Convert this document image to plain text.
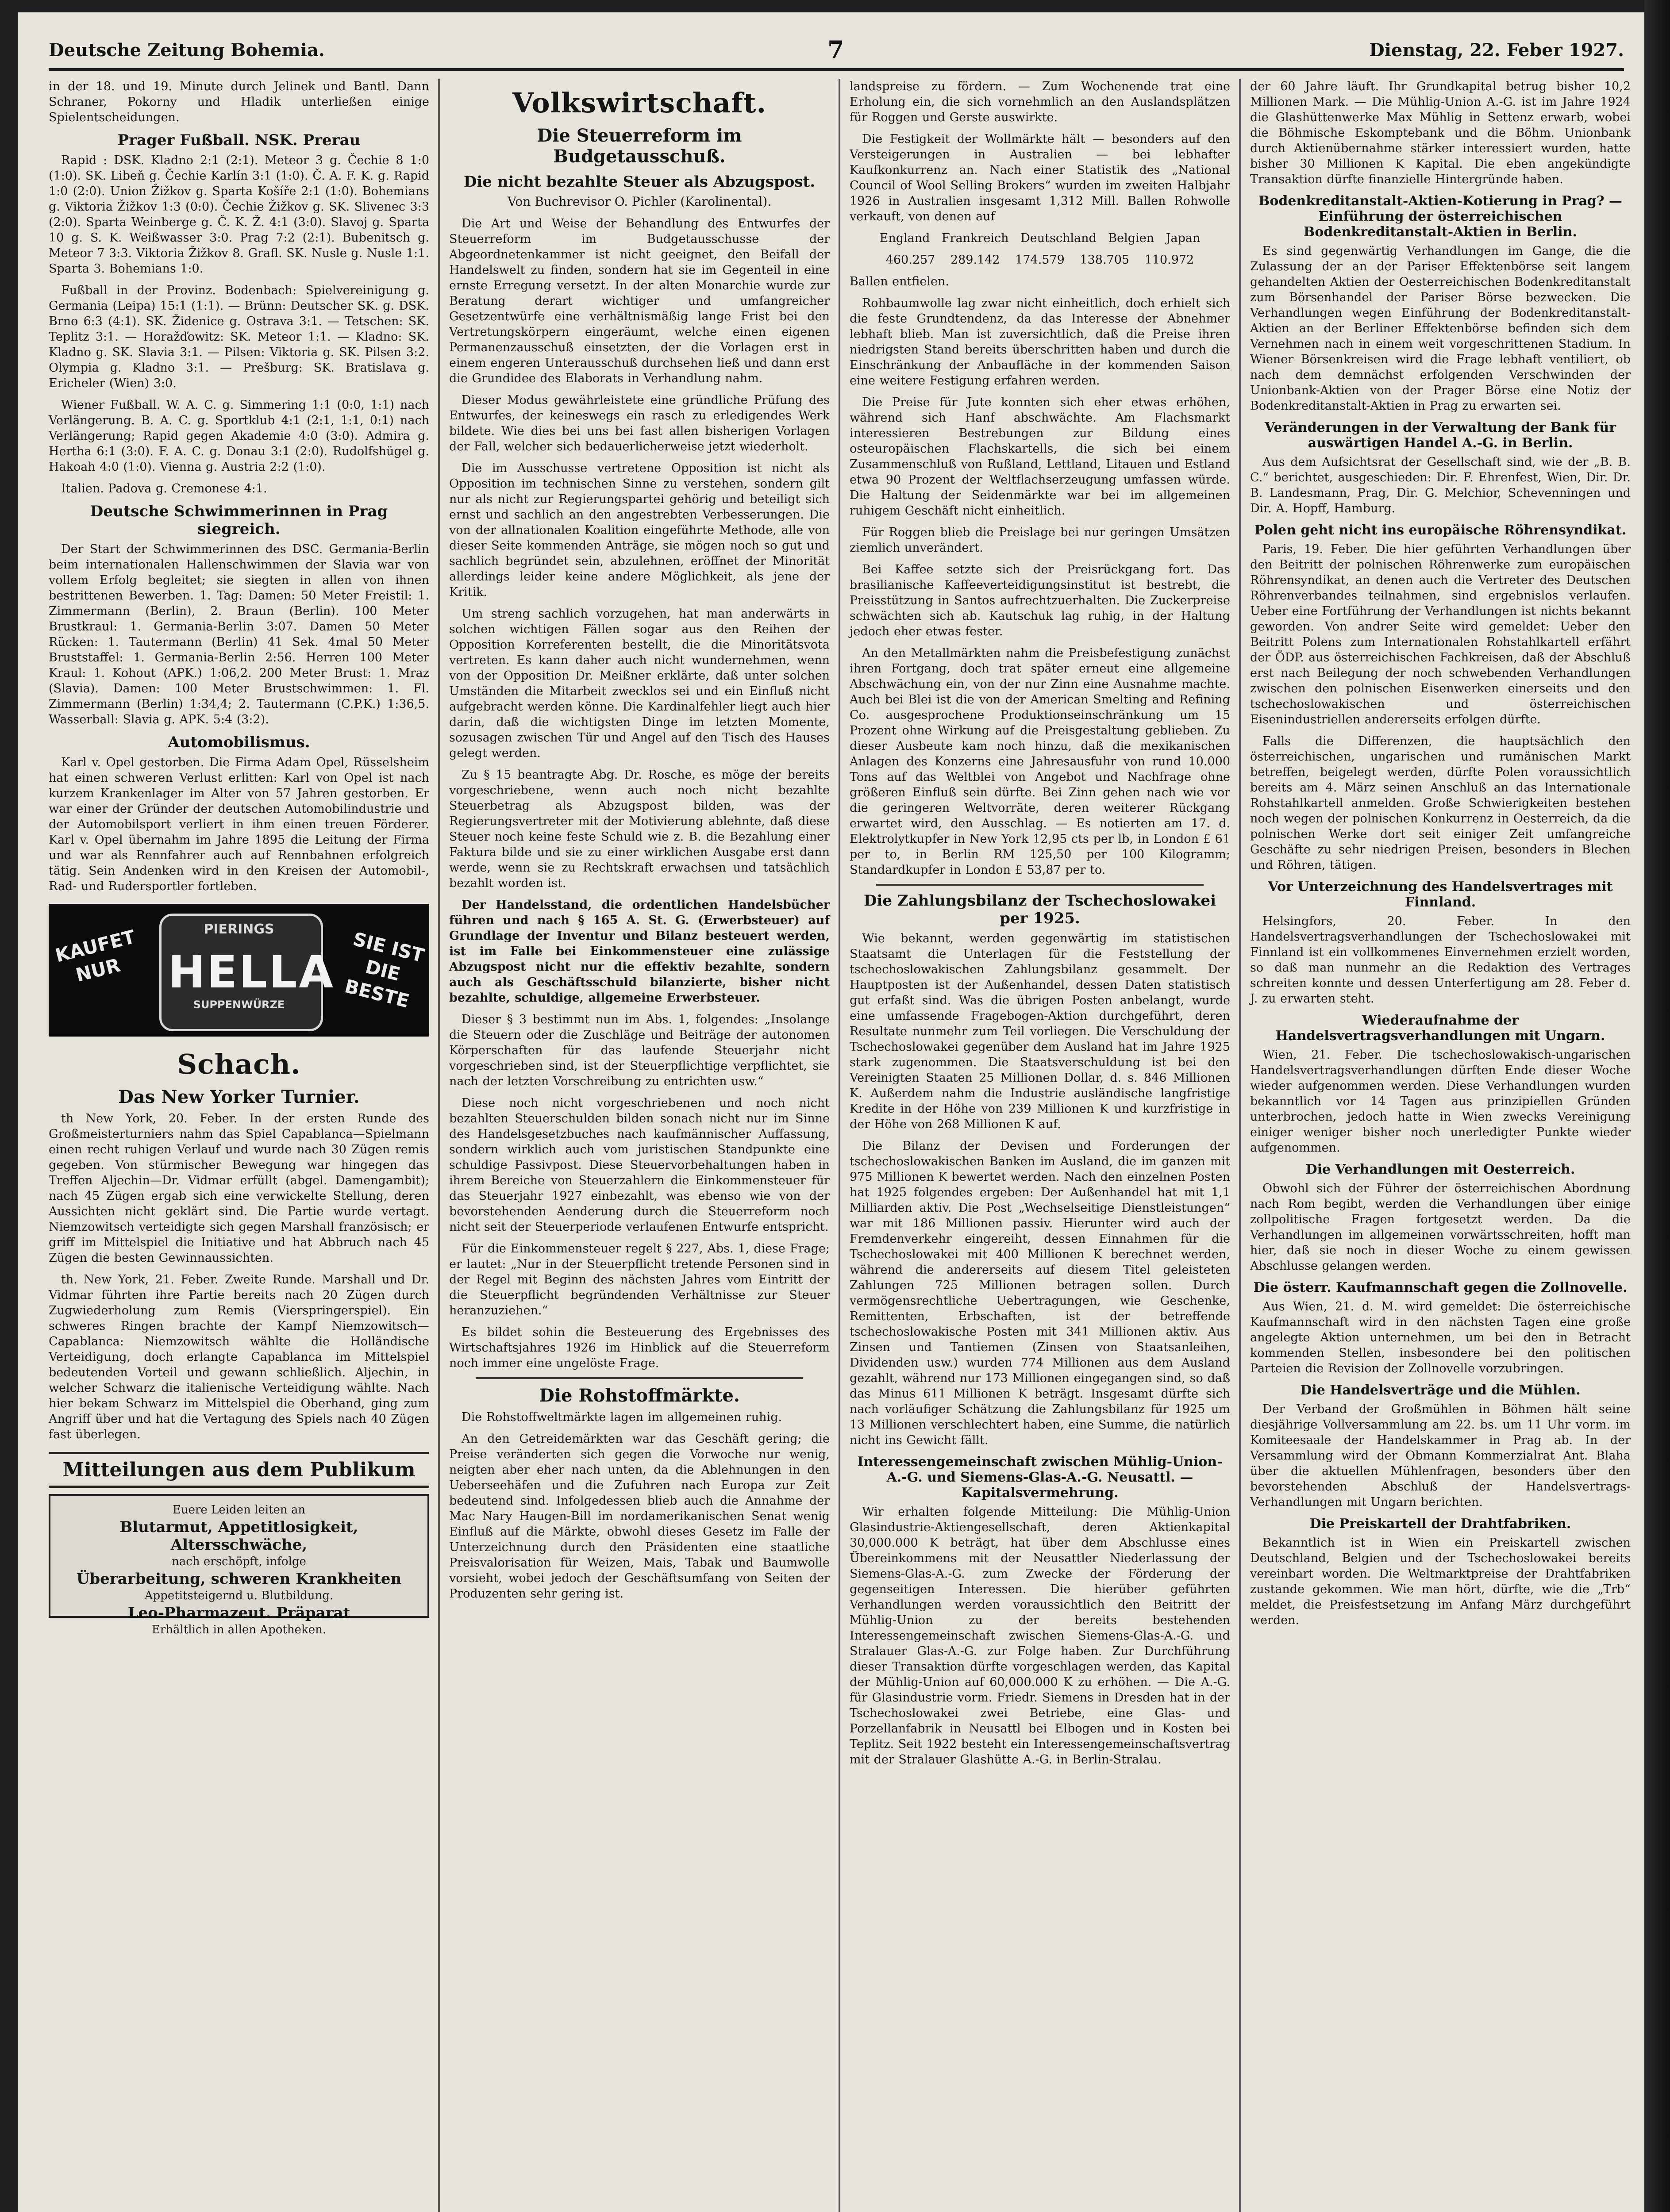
Deutsche Zeitung Bohemia.	7	Dienstag, 22. Feber 1927.

in der 18. und 19. Minute durch Jelinek und Bantl. Dann Schraner, Pokorny und Hladik unterließen einige Spielentscheidungen.

Prager Fußball. NSK. Prerau

Rapid : DSK. Kladno 2:1 (2:1). Meteor 3 g. Čechie 8 1:0 (1:0). SK. Libeň g. Čechie Karlín 3:1 (1:0). Č. A. F. K. g. Rapid 1:0 (2:0). Union Žižkov g. Sparta Košíře 2:1 (1:0). Bohemians g. Viktoria Žižkov 1:3 (0:0). Čechie Žižkov g. SK. Slivenec 3:3 (2:0). Sparta Weinberge g. Č. K. Ž. 4:1 (3:0). Slavoj g. Sparta 10 g. S. K. Weißwasser 3:0. Prag 7:2 (2:1). Bubenitsch g. Meteor 7 3:3. Viktoria Žižkov 8. Grafl. SK. Nusle g. Nusle 1:1. Sparta 3. Bohemians 1:0.

Fußball in der Provinz. Bodenbach: Spielvereinigung g. Germania (Leipa) 15:1 (1:1). — Brünn: Deutscher SK. g. DSK. Brno 6:3 (4:1). SK. Židenice g. Ostrava 3:1. — Tetschen: SK. Teplitz 3:1. — Horažďowitz: SK. Meteor 1:1. — Kladno: SK. Kladno g. SK. Slavia 3:1. — Pilsen: Viktoria g. SK. Pilsen 3:2. Olympia g. Kladno 3:1. — Prešburg: SK. Bratislava g. Ericheler (Wien) 3:0.

Wiener Fußball. W. A. C. g. Simmering 1:1 (0:0, 1:1) nach Verlängerung. B. A. C. g. Sportklub 4:1 (2:1, 1:1, 0:1) nach Verlängerung; Rapid gegen Akademie 4:0 (3:0). Admira g. Hertha 6:1 (3:0). F. A. C. g. Donau 3:1 (2:0). Rudolfshügel g. Hakoah 4:0 (1:0). Vienna g. Austria 2:2 (1:0).

Italien. Padova g. Cremonese 4:1.

Deutsche Schwimmerinnen in Prag siegreich.

Der Start der Schwimmerinnen des DSC. Germania-Berlin beim internationalen Hallenschwimmen der Slavia war von vollem Erfolg begleitet; sie siegten in allen von ihnen bestrittenen Bewerben. 1. Tag: Damen: 50 Meter Freistil: 1. Zimmermann (Berlin), 2. Braun (Berlin). 100 Meter Brustkraul: 1. Germania-Berlin 3:07. Damen 50 Meter Rücken: 1. Tautermann (Berlin) 41 Sek. 4mal 50 Meter Bruststaffel: 1. Germania-Berlin 2:56. Herren 100 Meter Kraul: 1. Kohout (APK.) 1:06,2. 200 Meter Brust: 1. Mraz (Slavia). Damen: 100 Meter Brustschwimmen: 1. Fl. Zimmermann (Berlin) 1:34,4; 2. Tautermann (C.P.K.) 1:36,5. Wasserball: Slavia g. APK. 5:4 (3:2).

Automobilismus.

Karl v. Opel gestorben. Die Firma Adam Opel, Rüsselsheim hat einen schweren Verlust erlitten: Karl von Opel ist nach kurzem Krankenlager im Alter von 57 Jahren gestorben. Er war einer der Gründer der deutschen Automobilindustrie und der Automobilsport verliert in ihm einen treuen Förderer. Karl v. Opel übernahm im Jahre 1895 die Leitung der Firma und war als Rennfahrer auch auf Rennbahnen erfolgreich tätig. Sein Andenken wird in den Kreisen der Automobil-, Rad- und Rudersportler fortleben.

KAUFET NUR
PIERINGS
HELLA
SUPPENWÜRZE
SIE IST DIE BESTE
Schach.
Das New Yorker Turnier.

th New York, 20. Feber. In der ersten Runde des Großmeisterturniers nahm das Spiel Capablanca—Spielmann einen recht ruhigen Verlauf und wurde nach 30 Zügen remis gegeben. Von stürmischer Bewegung war hingegen das Treffen Aljechin—Dr. Vidmar erfüllt (abgel. Damengambit); nach 45 Zügen ergab sich eine verwickelte Stellung, deren Aussichten nicht geklärt sind. Die Partie wurde vertagt. Niemzowitsch verteidigte sich gegen Marshall französisch; er griff im Mittelspiel die Initiative und hat Abbruch nach 45 Zügen die besten Gewinnaussichten.

th. New York, 21. Feber. Zweite Runde. Marshall und Dr. Vidmar führten ihre Partie bereits nach 20 Zügen durch Zugwiederholung zum Remis (Vierspringerspiel). Ein schweres Ringen brachte der Kampf Niemzowitsch—Capablanca: Niemzowitsch wählte die Holländische Verteidigung, doch erlangte Capablanca im Mittelspiel bedeutenden Vorteil und gewann schließlich. Aljechin, in welcher Schwarz die italienische Verteidigung wählte. Nach hier bekam Schwarz im Mittelspiel die Oberhand, ging zum Angriff über und hat die Vertagung des Spiels nach 40 Zügen fast überlegen.

Mitteilungen aus dem Publikum

Euere Leiden leiten an

Blutarmut, Appetitlosigkeit, Altersschwäche,

nach erschöpft, infolge

Überarbeitung, schweren Krankheiten

Appetitsteigernd u. Blutbildung.

Leo-Pharmazeut. Präparat

Erhältlich in allen Apotheken.

Volkswirtschaft.
Die Steuerreform im Budgetausschuß.
Die nicht bezahlte Steuer als Abzugspost.
Von Buchrevisor O. Pichler (Karolinental).

Die Art und Weise der Behandlung des Entwurfes der Steuerreform im Budgetausschusse der Abgeordnetenkammer ist nicht geeignet, den Beifall der Handelswelt zu finden, sondern hat sie im Gegenteil in eine ernste Erregung versetzt. In der alten Monarchie wurde zur Beratung derart wichtiger und umfangreicher Gesetzentwürfe eine verhältnismäßig lange Frist bei den Vertretungskörpern eingeräumt, welche einen eigenen Permanenzausschuß einsetzten, der die Vorlagen erst in einem engeren Unterausschuß durchsehen ließ und dann erst die Grundidee des Elaborats in Verhandlung nahm.

Dieser Modus gewährleistete eine gründliche Prüfung des Entwurfes, der keineswegs ein rasch zu erledigendes Werk bildete. Wie dies bei uns bei fast allen bisherigen Vorlagen der Fall, welcher sich bedauerlicherweise jetzt wiederholt.

Die im Ausschusse vertretene Opposition ist nicht als Opposition im technischen Sinne zu verstehen, sondern gilt nur als nicht zur Regierungspartei gehörig und beteiligt sich ernst und sachlich an den angestrebten Verbesserungen. Die von der allnationalen Koalition eingeführte Methode, alle von dieser Seite kommenden Anträge, sie mögen noch so gut und sachlich begründet sein, abzulehnen, eröffnet der Minorität allerdings leider keine andere Möglichkeit, als jene der Kritik.

Um streng sachlich vorzugehen, hat man anderwärts in solchen wichtigen Fällen sogar aus den Reihen der Opposition Korreferenten bestellt, die die Minoritätsvota vertreten. Es kann daher auch nicht wundernehmen, wenn von der Opposition Dr. Meißner erklärte, daß unter solchen Umständen die Mitarbeit zwecklos sei und ein Einfluß nicht aufgebracht werden könne. Die Kardinalfehler liegt auch hier darin, daß die wichtigsten Dinge im letzten Momente, sozusagen zwischen Tür und Angel auf den Tisch des Hauses gelegt werden.

Zu § 15 beantragte Abg. Dr. Rosche, es möge der bereits vorgeschriebene, wenn auch noch nicht bezahlte Steuerbetrag als Abzugspost bilden, was der Regierungsvertreter mit der Motivierung ablehnte, daß diese Steuer noch keine feste Schuld wie z. B. die Bezahlung einer Faktura bilde und sie zu einer wirklichen Ausgabe erst dann werde, wenn sie zu Rechtskraft erwachsen und tatsächlich bezahlt worden ist.

Der Handelsstand, die ordentlichen Handelsbücher führen und nach § 165 A. St. G. (Erwerbsteuer) auf Grundlage der Inventur und Bilanz besteuert werden, ist im Falle bei Einkommensteuer eine zulässige Abzugspost nicht nur die effektiv bezahlte, sondern auch als Geschäftsschuld bilanzierte, bisher nicht bezahlte, schuldige, allgemeine Erwerbsteuer.

Dieser § 3 bestimmt nun im Abs. 1, folgendes: „Insolange die Steuern oder die Zuschläge und Beiträge der autonomen Körperschaften für das laufende Steuerjahr nicht vorgeschrieben sind, ist der Steuerpflichtige verpflichtet, sie nach der letzten Vorschreibung zu entrichten usw.“

Diese noch nicht vorgeschriebenen und noch nicht bezahlten Steuerschulden bilden sonach nicht nur im Sinne des Handelsgesetzbuches nach kaufmännischer Auffassung, sondern wirklich auch vom juristischen Standpunkte eine schuldige Passivpost. Diese Steuervorbehaltungen haben in ihrem Bereiche von Steuerzahlern die Einkommensteuer für das Steuerjahr 1927 einbezahlt, was ebenso wie von der bevorstehenden Aenderung durch die Steuerreform noch nicht seit der Steuerperiode verlaufenen Entwurfe entspricht.

Für die Einkommensteuer regelt § 227, Abs. 1, diese Frage; er lautet: „Nur in der Steuerpflicht tretende Personen sind in der Regel mit Beginn des nächsten Jahres vom Eintritt der die Steuerpflicht begründenden Verhältnisse zur Steuer heranzuziehen.“

Es bildet sohin die Besteuerung des Ergebnisses des Wirtschaftsjahres 1926 im Hinblick auf die Steuerreform noch immer eine ungelöste Frage.

Die Rohstoffmärkte.

Die Rohstoffweltmärkte lagen im allgemeinen ruhig.

An den Getreidemärkten war das Geschäft gering; die Preise veränderten sich gegen die Vorwoche nur wenig, neigten aber eher nach unten, da die Ablehnungen in den Ueberseehäfen und die Zufuhren nach Europa zur Zeit bedeutend sind. Infolgedessen blieb auch die Annahme der Mac Nary Haugen-Bill im nordamerikanischen Senat wenig Einfluß auf die Märkte, obwohl dieses Gesetz im Falle der Unterzeichnung durch den Präsidenten eine staatliche Preisvalorisation für Weizen, Mais, Tabak und Baumwolle vorsieht, wobei jedoch der Geschäftsumfang von Seiten der Produzenten sehr gering ist.

landspreise zu fördern. — Zum Wochenende trat eine Erholung ein, die sich vornehmlich an den Auslandsplätzen für Roggen und Gerste auswirkte.

Die Festigkeit der Wollmärkte hält — besonders auf den Versteigerungen in Australien — bei lebhafter Kaufkonkurrenz an. Nach einer Statistik des „National Council of Wool Selling Brokers“ wurden im zweiten Halbjahr 1926 in Australien insgesamt 1,312 Mill. Ballen Rohwolle verkauft, von denen auf

England Frankreich Deutschland Belgien Japan

460.257 289.142 174.579 138.705 110.972

Ballen entfielen.

Rohbaumwolle lag zwar nicht einheitlich, doch erhielt sich die feste Grundtendenz, da das Interesse der Abnehmer lebhaft blieb. Man ist zuversichtlich, daß die Preise ihren niedrigsten Stand bereits überschritten haben und durch die Einschränkung der Anbaufläche in der kommenden Saison eine weitere Festigung erfahren werden.

Die Preise für Jute konnten sich eher etwas erhöhen, während sich Hanf abschwächte. Am Flachsmarkt interessieren Bestrebungen zur Bildung eines osteuropäischen Flachskartells, die sich bei einem Zusammenschluß von Rußland, Lettland, Litauen und Estland etwa 90 Prozent der Weltflachserzeugung umfassen würde. Die Haltung der Seidenmärkte war bei im allgemeinen ruhigem Geschäft nicht einheitlich.

Für Roggen blieb die Preislage bei nur geringen Umsätzen ziemlich unverändert.

Bei Kaffee setzte sich der Preisrückgang fort. Das brasilianische Kaffeeverteidigungsinstitut ist bestrebt, die Preisstützung in Santos aufrechtzuerhalten. Die Zuckerpreise schwächten sich ab. Kautschuk lag ruhig, in der Haltung jedoch eher etwas fester.

An den Metallmärkten nahm die Preisbefestigung zunächst ihren Fortgang, doch trat später erneut eine allgemeine Abschwächung ein, von der nur Zinn eine Ausnahme machte. Auch bei Blei ist die von der American Smelting and Refining Co. ausgesprochene Produktionseinschränkung um 15 Prozent ohne Wirkung auf die Preisgestaltung geblieben. Zu dieser Ausbeute kam noch hinzu, daß die mexikanischen Anlagen des Konzerns eine Jahresausfuhr von rund 10.000 Tons auf das Weltblei von Angebot und Nachfrage ohne größeren Einfluß sein dürfte. Bei Zinn gehen nach wie vor die geringeren Weltvorräte, deren weiterer Rückgang erwartet wird, den Ausschlag. — Es notierten am 17. d. Elektrolytkupfer in New York 12,95 cts per lb, in London £ 61 per to, in Berlin RM 125,50 per 100 Kilogramm; Standardkupfer in London £ 53,87 per to.

Die Zahlungsbilanz der Tschechoslowakei per 1925.

Wie bekannt, werden gegenwärtig im statistischen Staatsamt die Unterlagen für die Feststellung der tschechoslowakischen Zahlungsbilanz gesammelt. Der Hauptposten ist der Außenhandel, dessen Daten statistisch gut erfaßt sind. Was die übrigen Posten anbelangt, wurde eine umfassende Fragebogen-Aktion durchgeführt, deren Resultate nunmehr zum Teil vorliegen. Die Verschuldung der Tschechoslowakei gegenüber dem Ausland hat im Jahre 1925 stark zugenommen. Die Staatsverschuldung ist bei den Vereinigten Staaten 25 Millionen Dollar, d. s. 846 Millionen K. Außerdem nahm die Industrie ausländische langfristige Kredite in der Höhe von 239 Millionen K und kurzfristige in der Höhe von 268 Millionen K auf.

Die Bilanz der Devisen und Forderungen der tschechoslowakischen Banken im Ausland, die im ganzen mit 975 Millionen K bewertet werden. Nach den einzelnen Posten hat 1925 folgendes ergeben: Der Außenhandel hat mit 1,1 Milliarden aktiv. Die Post „Wechselseitige Dienstleistungen“ war mit 186 Millionen passiv. Hierunter wird auch der Fremdenverkehr eingereiht, dessen Einnahmen für die Tschechoslowakei mit 400 Millionen K berechnet werden, während die andererseits auf diesem Titel geleisteten Zahlungen 725 Millionen betragen sollen. Durch vermögensrechtliche Uebertragungen, wie Geschenke, Remittenten, Erbschaften, ist der betreffende tschechoslowakische Posten mit 341 Millionen aktiv. Aus Zinsen und Tantiemen (Zinsen von Staatsanleihen, Dividenden usw.) wurden 774 Millionen aus dem Ausland gezahlt, während nur 173 Millionen eingegangen sind, so daß das Minus 611 Millionen K beträgt. Insgesamt dürfte sich nach vorläufiger Schätzung die Zahlungsbilanz für 1925 um 13 Millionen verschlechtert haben, eine Summe, die natürlich nicht ins Gewicht fällt.

Interessengemeinschaft zwischen Mühlig-Union-A.-G. und Siemens-Glas-A.-G. Neusattl. — Kapitalsvermehrung.

Wir erhalten folgende Mitteilung: Die Mühlig-Union Glasindustrie-Aktiengesellschaft, deren Aktienkapital 30,000.000 K beträgt, hat über dem Abschlusse eines Übereinkommens mit der Neusattler Niederlassung der Siemens-Glas-A.-G. zum Zwecke der Förderung der gegenseitigen Interessen. Die hierüber geführten Verhandlungen werden voraussichtlich den Beitritt der Mühlig-Union zu der bereits bestehenden Interessengemeinschaft zwischen Siemens-Glas-A.-G. und Stralauer Glas-A.-G. zur Folge haben. Zur Durchführung dieser Transaktion dürfte vorgeschlagen werden, das Kapital der Mühlig-Union auf 60,000.000 K zu erhöhen. — Die A.-G. für Glasindustrie vorm. Friedr. Siemens in Dresden hat in der Tschechoslowakei zwei Betriebe, eine Glas- und Porzellanfabrik in Neusattl bei Elbogen und in Kosten bei Teplitz. Seit 1922 besteht ein Interessengemeinschaftsvertrag mit der Stralauer Glashütte A.-G. in Berlin-Stralau.

der 60 Jahre läuft. Ihr Grundkapital betrug bisher 10,2 Millionen Mark. — Die Mühlig-Union A.-G. ist im Jahre 1924 die Glashüttenwerke Max Mühlig in Settenz erwarb, wobei die Böhmische Eskomptebank und die Böhm. Unionbank durch Aktienübernahme stärker interessiert wurden, hatte bisher 30 Millionen K Kapital. Die eben angekündigte Transaktion dürfte finanzielle Hintergründe haben.

Bodenkreditanstalt-Aktien-Kotierung in Prag? — Einführung der österreichischen Bodenkreditanstalt-Aktien in Berlin.

Es sind gegenwärtig Verhandlungen im Gange, die die Zulassung der an der Pariser Effektenbörse seit langem gehandelten Aktien der Oesterreichischen Bodenkreditanstalt zum Börsenhandel der Pariser Börse bezwecken. Die Verhandlungen wegen Einführung der Bodenkreditanstalt-Aktien an der Berliner Effektenbörse befinden sich dem Vernehmen nach in einem weit vorgeschrittenen Stadium. In Wiener Börsenkreisen wird die Frage lebhaft ventiliert, ob nach dem demnächst erfolgenden Verschwinden der Unionbank-Aktien von der Prager Börse eine Notiz der Bodenkreditanstalt-Aktien in Prag zu erwarten sei.

Veränderungen in der Verwaltung der Bank für auswärtigen Handel A.-G. in Berlin.

Aus dem Aufsichtsrat der Gesellschaft sind, wie der „B. B. C.“ berichtet, ausgeschieden: Dir. F. Ehrenfest, Wien, Dir. Dr. B. Landesmann, Prag, Dir. G. Melchior, Schevenningen und Dir. A. Hopff, Hamburg.

Polen geht nicht ins europäische Röhrensyndikat.

Paris, 19. Feber. Die hier geführten Verhandlungen über den Beitritt der polnischen Röhrenwerke zum europäischen Röhrensyndikat, an denen auch die Vertreter des Deutschen Röhrenverbandes teilnahmen, sind ergebnislos verlaufen. Ueber eine Fortführung der Verhandlungen ist nichts bekannt geworden. Von andrer Seite wird gemeldet: Ueber den Beitritt Polens zum Internationalen Rohstahlkartell erfährt der ÖDP. aus österreichischen Fachkreisen, daß der Abschluß erst nach Beilegung der noch schwebenden Verhandlungen zwischen den polnischen Eisenwerken einerseits und den tschechoslowakischen und österreichischen Eisenindustriellen andererseits erfolgen dürfte.

Falls die Differenzen, die hauptsächlich den österreichischen, ungarischen und rumänischen Markt betreffen, beigelegt werden, dürfte Polen voraussichtlich bereits am 4. März seinen Anschluß an das Internationale Rohstahlkartell anmelden. Große Schwierigkeiten bestehen noch wegen der polnischen Konkurrenz in Oesterreich, da die polnischen Werke dort seit einiger Zeit umfangreiche Geschäfte zu sehr niedrigen Preisen, besonders in Blechen und Röhren, tätigen.

Vor Unterzeichnung des Handelsvertrages mit Finnland.

Helsingfors, 20. Feber. In den Handelsvertragsverhandlungen der Tschechoslowakei mit Finnland ist ein vollkommenes Einvernehmen erzielt worden, so daß man nunmehr an die Redaktion des Vertrages schreiten konnte und dessen Unterfertigung am 28. Feber d. J. zu erwarten steht.

Wiederaufnahme der Handelsvertragsverhandlungen mit Ungarn.

Wien, 21. Feber. Die tschechoslowakisch-ungarischen Handelsvertragsverhandlungen dürften Ende dieser Woche wieder aufgenommen werden. Diese Verhandlungen wurden bekanntlich vor 14 Tagen aus prinzipiellen Gründen unterbrochen, jedoch hatte in Wien zwecks Vereinigung einiger weniger bisher noch unerledigter Punkte wieder aufgenommen.

Die Verhandlungen mit Oesterreich.

Obwohl sich der Führer der österreichischen Abordnung nach Rom begibt, werden die Verhandlungen über einige zollpolitische Fragen fortgesetzt werden. Da die Verhandlungen im allgemeinen vorwärtsschreiten, hofft man hier, daß sie noch in dieser Woche zu einem gewissen Abschlusse gelangen werden.

Die österr. Kaufmannschaft gegen die Zollnovelle.

Aus Wien, 21. d. M. wird gemeldet: Die österreichische Kaufmannschaft wird in den nächsten Tagen eine große angelegte Aktion unternehmen, um bei den in Betracht kommenden Stellen, insbesondere bei den politischen Parteien die Revision der Zollnovelle vorzubringen.

Die Handelsverträge und die Mühlen.

Der Verband der Großmühlen in Böhmen hält seine diesjährige Vollversammlung am 22. bs. um 11 Uhr vorm. im Komiteesaale der Handelskammer in Prag ab. In der Versammlung wird der Obmann Kommerzialrat Ant. Blaha über die aktuellen Mühlenfragen, besonders über den bevorstehenden Abschluß der Handelsvertrags-Verhandlungen mit Ungarn berichten.

Die Preiskartell der Drahtfabriken.

Bekanntlich ist in Wien ein Preiskartell zwischen Deutschland, Belgien und der Tschechoslowakei bereits vereinbart worden. Die Weltmarktpreise der Drahtfabriken zustande gekommen. Wie man hört, dürfte, wie die „Trb“ meldet, die Preisfestsetzung im Anfang März durchgeführt werden.
